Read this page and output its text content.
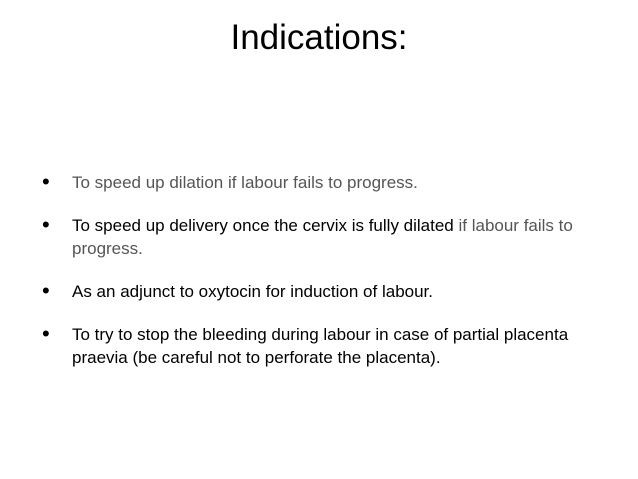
Indications:
• To speed up dilation if labour fails to progress.
• To speed up delivery once the cervix is fully dilated if labour fails to progress.
• As an adjunct to oxytocin for induction of labour.
• To try to stop the bleeding during labour in case of partial placenta praevia (be careful not to perforate the placenta).
